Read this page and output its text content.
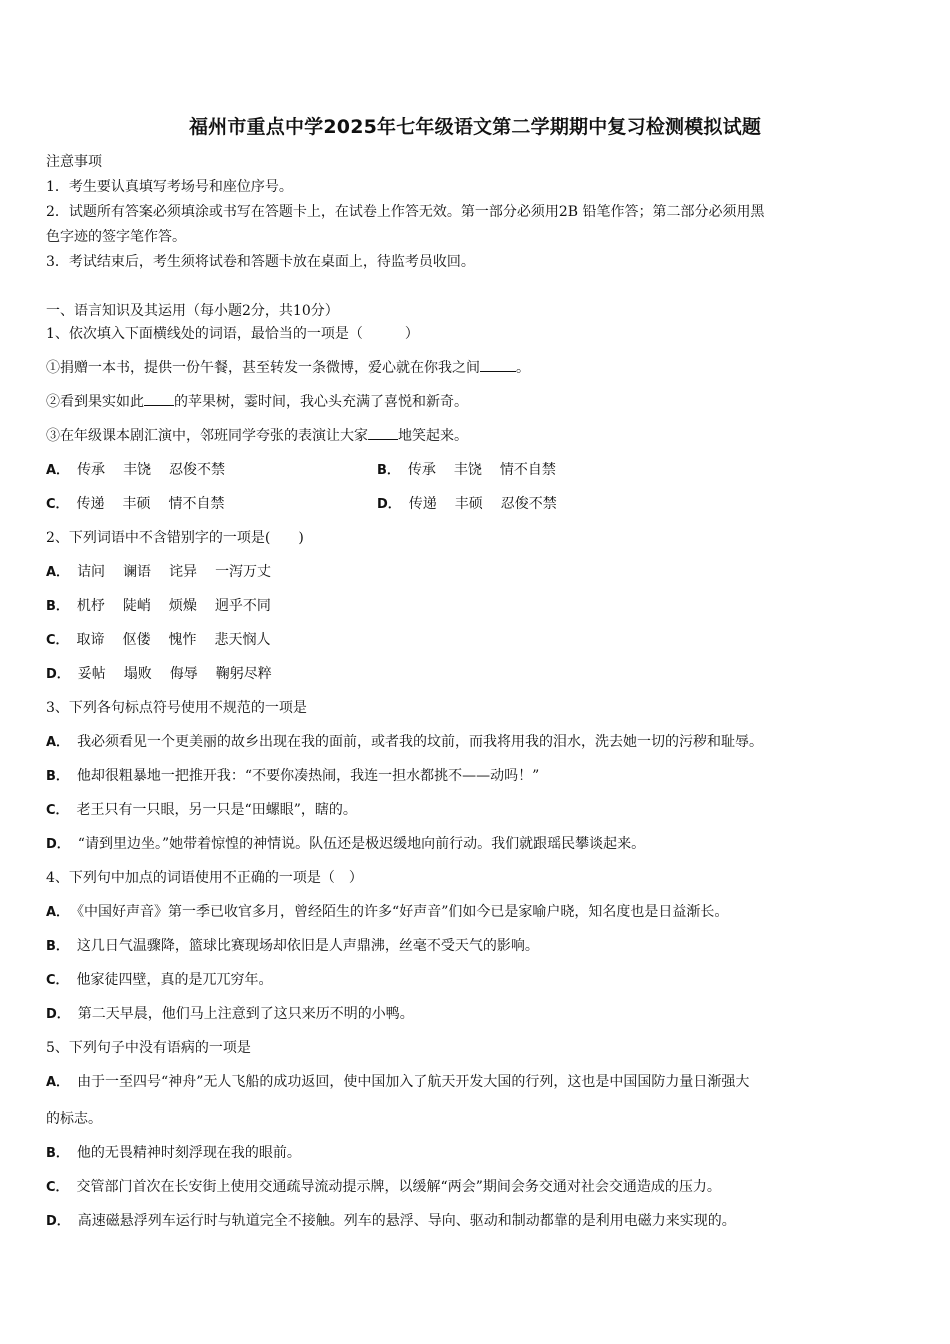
福州市重点中学2025年七年级语文第二学期期中复习检测模拟试题
注意事项
1．考生要认真填写考场号和座位序号。
2．试题所有答案必须填涂或书写在答题卡上，在试卷上作答无效。第一部分必须用2B 铅笔作答；第二部分必须用黑
色字迹的签字笔作答。
3．考试结束后，考生须将试卷和答题卡放在桌面上，待监考员收回。
一、语言知识及其运用（每小题2分，共10分）
1、依次填入下面横线处的词语，最恰当的一项是（　　　）
①捐赠一本书，提供一份午餐，甚至转发一条微博，爱心就在你我之间	。
②看到果实如此 的苹果树，霎时间，我心头充满了喜悦和新奇。
③在年级课本剧汇演中，邻班同学夸张的表演让大家 地笑起来。
A． 传承 丰饶 忍俊不禁	B． 传承 丰饶 情不自禁
C． 传递 丰硕 情不自禁	D． 传递 丰硕 忍俊不禁
2、下列词语中不含错别字的一项是(　　)
A． 诘问 谰语 诧异 一泻万丈
B． 机杼 陡峭 烦燥 迥乎不同
C． 取谛 伛偻 愧怍 悲天悯人
D． 妥帖 塌败 侮辱 鞠躬尽粹
3、下列各句标点符号使用不规范的一项是
A． 我必须看见一个更美丽的故乡出现在我的面前，或者我的坟前，而我将用我的泪水，洗去她一切的污秽和耻辱。
B． 他却很粗暴地一把推开我：“不要你凑热闹，我连一担水都挑不——动吗！”
C． 老王只有一只眼，另一只是“田螺眼”，瞎的。
D． “请到里边坐。”她带着惊惶的神情说。队伍还是极迟缓地向前行动。我们就跟瑶民攀谈起来。
4、下列句中加点的词语使用不正确的一项是（　）
A． 《中国好声音》第一季已收官多月，曾经陌生的许多“好声音”们如今已是家喻户晓，知名度也是日益渐长。
B． 这几日气温骤降，篮球比赛现场却依旧是人声鼎沸，丝毫不受天气的影响。
C． 他家徒四壁，真的是兀兀穷年。
D． 第二天早晨，他们马上注意到了这只来历不明的小鸭。
5、下列句子中没有语病的一项是
A． 由于一至四号“神舟”无人飞船的成功返回，使中国加入了航天开发大国的行列，这也是中国国防力量日渐强大
的标志。
B． 他的无畏精神时刻浮现在我的眼前。
C． 交管部门首次在长安街上使用交通疏导流动提示牌，以缓解“两会”期间会务交通对社会交通造成的压力。
D． 高速磁悬浮列车运行时与轨道完全不接触。列车的悬浮、导向、驱动和制动都靠的是利用电磁力来实现的。
